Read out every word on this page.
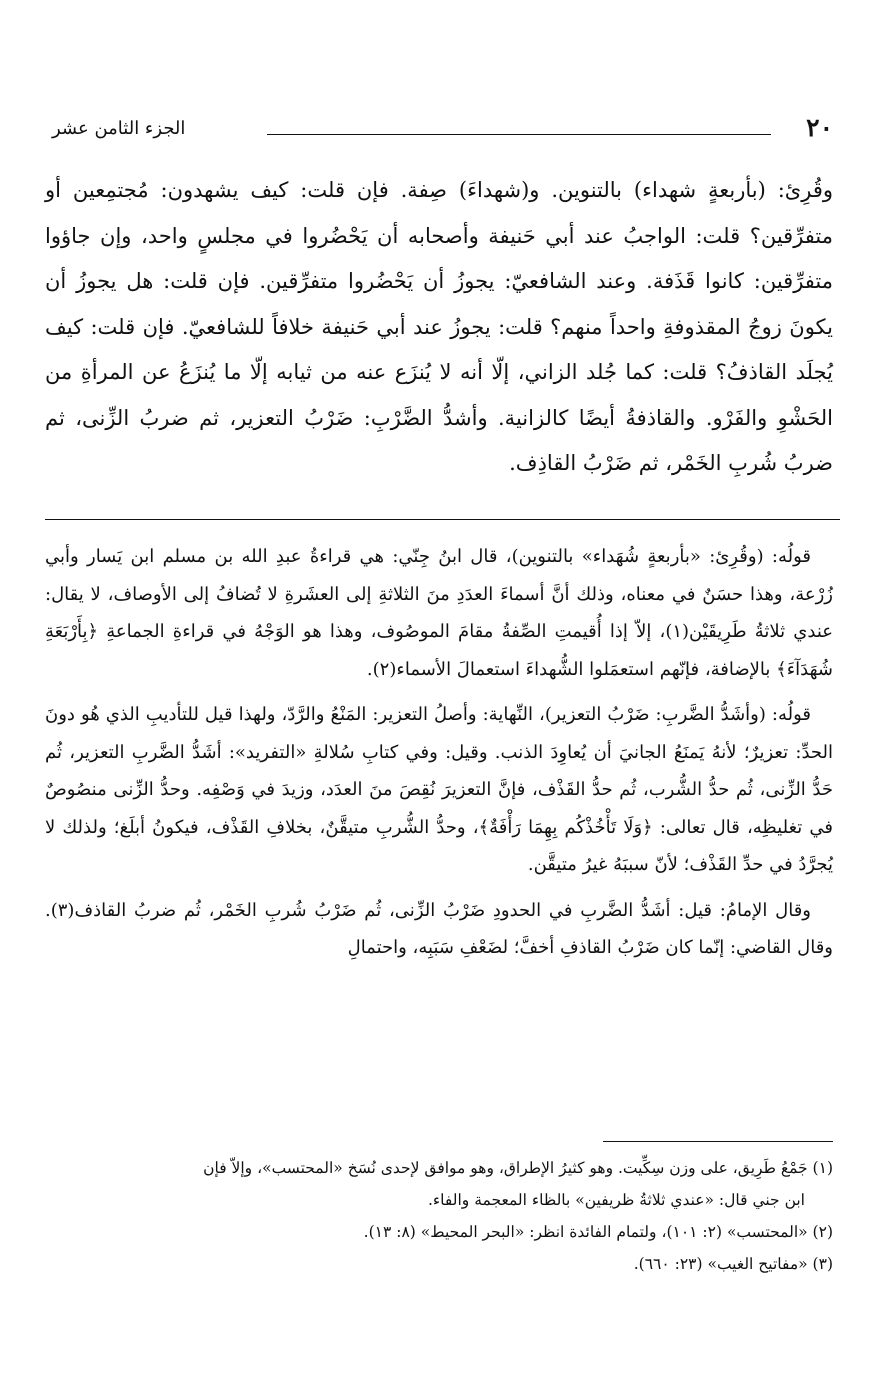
٢٠
الجزء الثامن عشر

وقُرِئ: (بأربعةٍ شهداء) بالتنوين. و(شهداءَ) صِفة. فإن قلت: كيف يشهدون: مُجتمِعين أو متفرِّقين؟ قلت: الواجبُ عند أبي حَنيفة وأصحابه أن يَحْضُروا في مجلسٍ واحد، وإن جاؤوا متفرِّقين: كانوا قَذَفة. وعند الشافعيّ: يجوزُ أن يَحْضُروا متفرِّقين. فإن قلت: هل يجوزُ أن يكونَ زوجُ المقذوفةِ واحداً منهم؟ قلت: يجوزُ عند أبي حَنيفة خلافاً للشافعيّ. فإن قلت: كيف يُجلَد القاذفُ؟ قلت: كما جُلد الزاني، إلّا أنه لا يُنزَع عنه من ثيابه إلّا ما يُنزَعُ عن المرأةِ من الحَشْوِ والفَرْو. والقاذفةُ أيضًا كالزانية. وأشدُّ الضَّرْبِ: ضَرْبُ التعزير، ثم ضربُ الزِّنى، ثم ضربُ شُربِ الخَمْر، ثم ضَرْبُ القاذِف.

قولُه: (وقُرِئ: «بأربعةٍ شُهَداء» بالتنوين)، قال ابنُ جِنّي: هي قراءةُ عبدِ الله بن مسلم ابن يَسار وأبي زُرْعة، وهذا حسَنٌ في معناه، وذلك أنَّ أسماءَ العدَدِ منَ الثلاثةِ إلى العشَرةِ لا تُضافُ إلى الأوصاف، لا يقال: عندي ثلاثةُ طَرِيقَيْن(١)، إلاّ إذا أُقيمتِ الصِّفةُ مقامَ الموصُوف، وهذا هو الوَجْهُ في قراءةِ الجماعةِ ﴿بِأَرْبَعَةِ شُهَدَآءَ﴾ بالإضافة، فإنّهم استعمَلوا الشُّهداءَ استعمالَ الأسماء(٢).

قولُه: (وأشَدُّ الضَّربِ: ضَرْبُ التعزير)، النِّهاية: وأصلُ التعزير: المَنْعُ والرَّدّ، ولهذا قيل للتأديبِ الذي هُو دونَ الحدِّ: تعزيرٌ؛ لأنهُ يَمنَعُ الجانيَ أن يُعاوِدَ الذنب. وقيل: وفي كتابِ سُلالةِ «التفريد»: أشَدُّ الضَّربِ التعزير، ثُم حَدُّ الزِّنى، ثُم حدُّ الشُّرب، ثُم حدُّ القَذْف، فإنَّ التعزيرَ نُقِصَ منَ العدَد، وزيدَ في وَصْفِه. وحدُّ الزِّنى منصُوصٌ في تغليظِه، قال تعالى: ﴿وَلَا تَأْخُذْكُم بِهِمَا رَأْفَةٌ﴾، وحدُّ الشُّربِ متيقَّنٌ، بخلافِ القَذْف، فيكونُ أبلَغ؛ ولذلك لا يُجرَّدُ في حدِّ القَذْف؛ لأنّ سببَهُ غيرُ متيقَّن.

وقال الإمامُ: قيل: أشَدُّ الضَّربِ في الحدودِ ضَرْبُ الزِّنى، ثُم ضَرْبُ شُربِ الخَمْر، ثُم ضربُ القاذف(٣). وقال القاضي: إنّما كان ضَرْبُ القاذفِ أخفَّ؛ لضَعْفِ سَبَبِه، واحتمالِ

(١) جَمْعُ طَرِيق، على وزن سِكِّيت. وهو كثيرُ الإطراق، وهو موافق لإحدى نُسَخ «المحتسب»، وإلاّ فإن

ابن جني قال: «عندي ثلاثةُ ظريفين» بالظاء المعجمة والفاء.

(٢) «المحتسب» (٢: ١٠١)، ولتمام الفائدة انظر: «البحر المحيط» (٨: ١٣).

(٣) «مفاتيح الغيب» (٢٣: ٦٦٠).
